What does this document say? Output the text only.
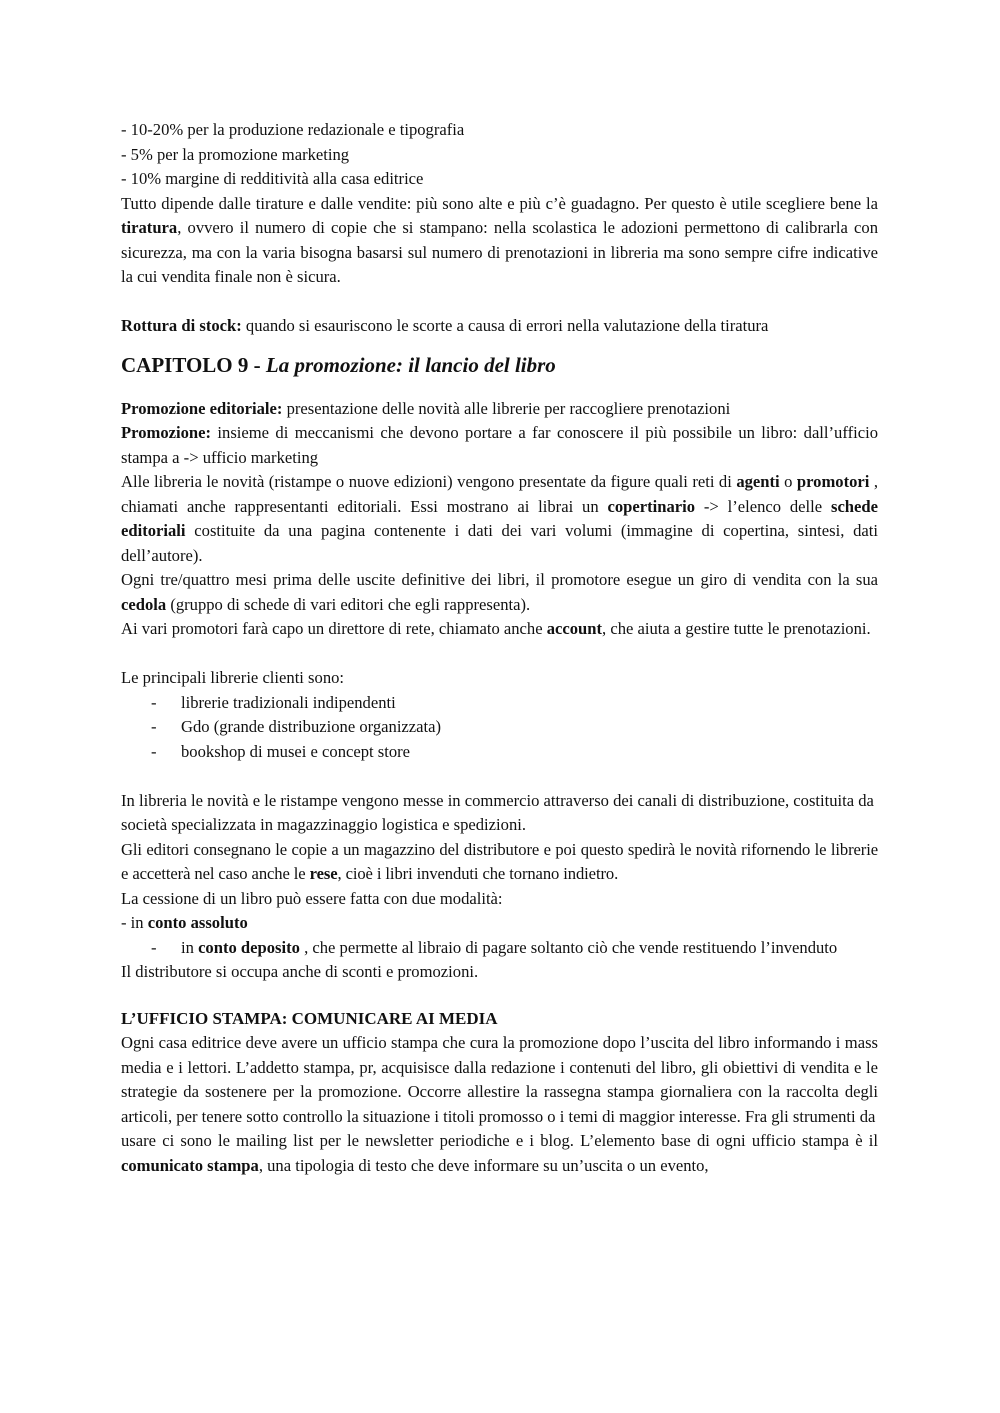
- 10-20% per la produzione redazionale e tipografia

- 5% per la promozione marketing

- 10% margine di redditività alla casa editrice

Tutto dipende dalle tirature e dalle vendite: più sono alte e più c’è guadagno. Per questo è utile scegliere bene la tiratura, ovvero il numero di copie che si stampano: nella scolastica le adozioni permettono di calibrarla con sicurezza, ma con la varia bisogna basarsi sul numero di prenotazioni in libreria ma sono sempre cifre indicative la cui vendita finale non è sicura.

Rottura di stock: quando si esauriscono le scorte a causa di errori nella valutazione della tiratura

CAPITOLO 9 - La promozione: il lancio del libro

Promozione editoriale: presentazione delle novità alle librerie per raccogliere prenotazioni

Promozione: insieme di meccanismi che devono portare a far conoscere il più possibile un libro: dall’ufficio stampa a -> ufficio marketing

Alle libreria le novità (ristampe o nuove edizioni) vengono presentate da figure quali reti di agenti o promotori , chiamati anche rappresentanti editoriali. Essi mostrano ai librai un copertinario -> l’elenco delle schede editoriali costituite da una pagina contenente i dati dei vari volumi (immagine di copertina, sintesi, dati dell’autore).

Ogni tre/quattro mesi prima delle uscite definitive dei libri, il promotore esegue un giro di vendita con la sua cedola (gruppo di schede di vari editori che egli rappresenta).

Ai vari promotori farà capo un direttore di rete, chiamato anche account, che aiuta a gestire tutte le prenotazioni.

Le principali librerie clienti sono:

- librerie tradizionali indipendenti
- Gdo (grande distribuzione organizzata)
- bookshop di musei e concept store

In libreria le novità e le ristampe vengono messe in commercio attraverso dei canali di distribuzione, costituita da società specializzata in magazzinaggio logistica e spedizioni.

Gli editori consegnano le copie a un magazzino del distributore e poi questo spedirà le novità rifornendo le librerie e accetterà nel caso anche le rese, cioè i libri invenduti che tornano indietro.

La cessione di un libro può essere fatta con due modalità:

- in conto assoluto

- in conto deposito , che permette al libraio di pagare soltanto ciò che vende restituendo l’invenduto

Il distributore si occupa anche di sconti e promozioni.

L’UFFICIO STAMPA: COMUNICARE AI MEDIA

Ogni casa editrice deve avere un ufficio stampa che cura la promozione dopo l’uscita del libro informando i mass media e i lettori. L’addetto stampa, pr, acquisisce dalla redazione i contenuti del libro, gli obiettivi di vendita e le strategie da sostenere per la promozione. Occorre allestire la rassegna stampa giornaliera con la raccolta degli articoli, per tenere sotto controllo la situazione i titoli promosso o i temi di maggior interesse. Fra gli strumenti da

usare ci sono le mailing list per le newsletter periodiche e i blog. L’elemento base di ogni ufficio stampa è il comunicato stampa, una tipologia di testo che deve informare su un’uscita o un evento,
